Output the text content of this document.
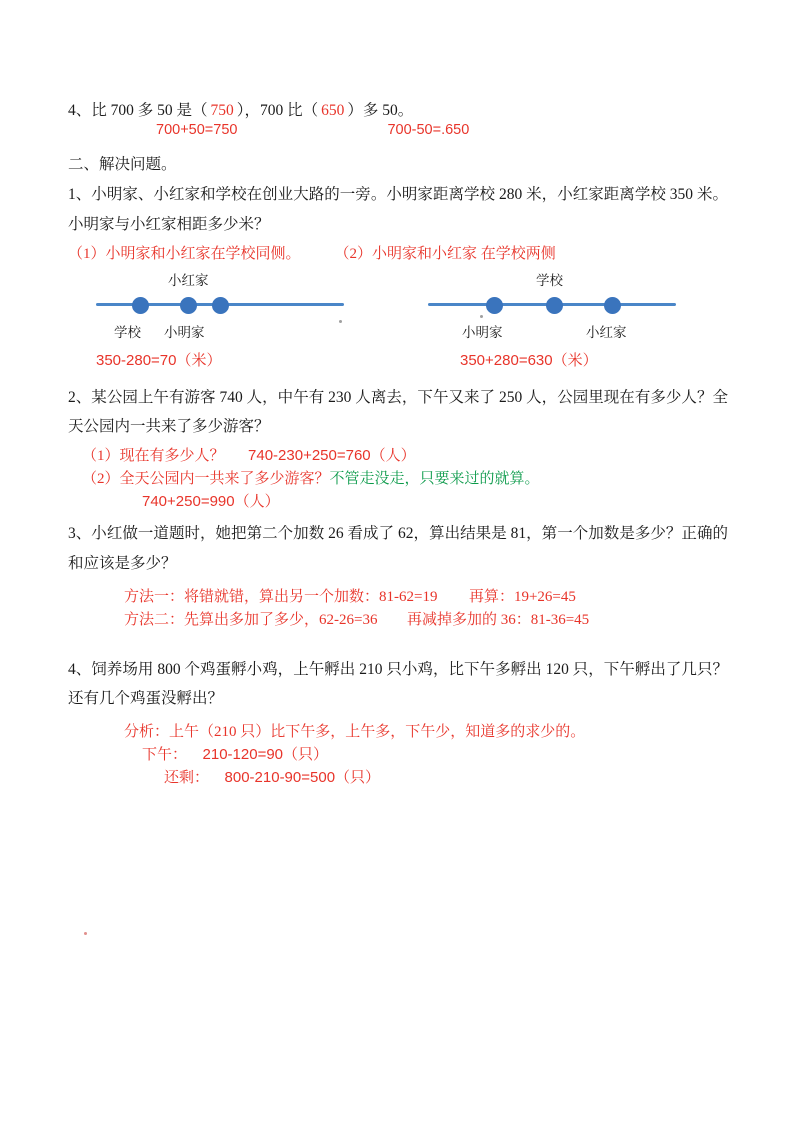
4、比 700 多 50 是（ 750 ），700 比（ 650 ）多 50。
700+50=750	700-50=.650
二、解决问题。
1、小明家、小红家和学校在创业大路的一旁。小明家距离学校 280 米，小红家距离学校 350 米。小明家与小红家相距多少米？
（1）小明家和小红家在学校同侧。 （2）小明家和小红家 在学校两侧
小红家
学校 小明家
350-280=70（米）
学校
小明家	小红家
350+280=630（米）
2、某公园上午有游客 740 人，中午有 230 人离去，下午又来了 250 人，公园里现在有多少人？全天公园内一共来了多少游客？
（1）现在有多少人？ 740-230+250=760（人）
（2）全天公园内一共来了多少游客？不管走没走，只要来过的就算。
740+250=990（人）
3、小红做一道题时，她把第二个加数 26 看成了 62，算出结果是 81，第一个加数是多少？正确的和应该是多少？
方法一：将错就错，算出另一个加数：81-62=19 再算：19+26=45
方法二：先算出多加了多少，62-26=36 再减掉多加的 36：81-36=45
4、饲养场用 800 个鸡蛋孵小鸡，上午孵出 210 只小鸡，比下午多孵出 120 只，下午孵出了几只？还有几个鸡蛋没孵出？
分析：上午（210 只）比下午多，上午多，下午少，知道多的求少的。
下午： 210-120=90（只）
还剩： 800-210-90=500（只）
